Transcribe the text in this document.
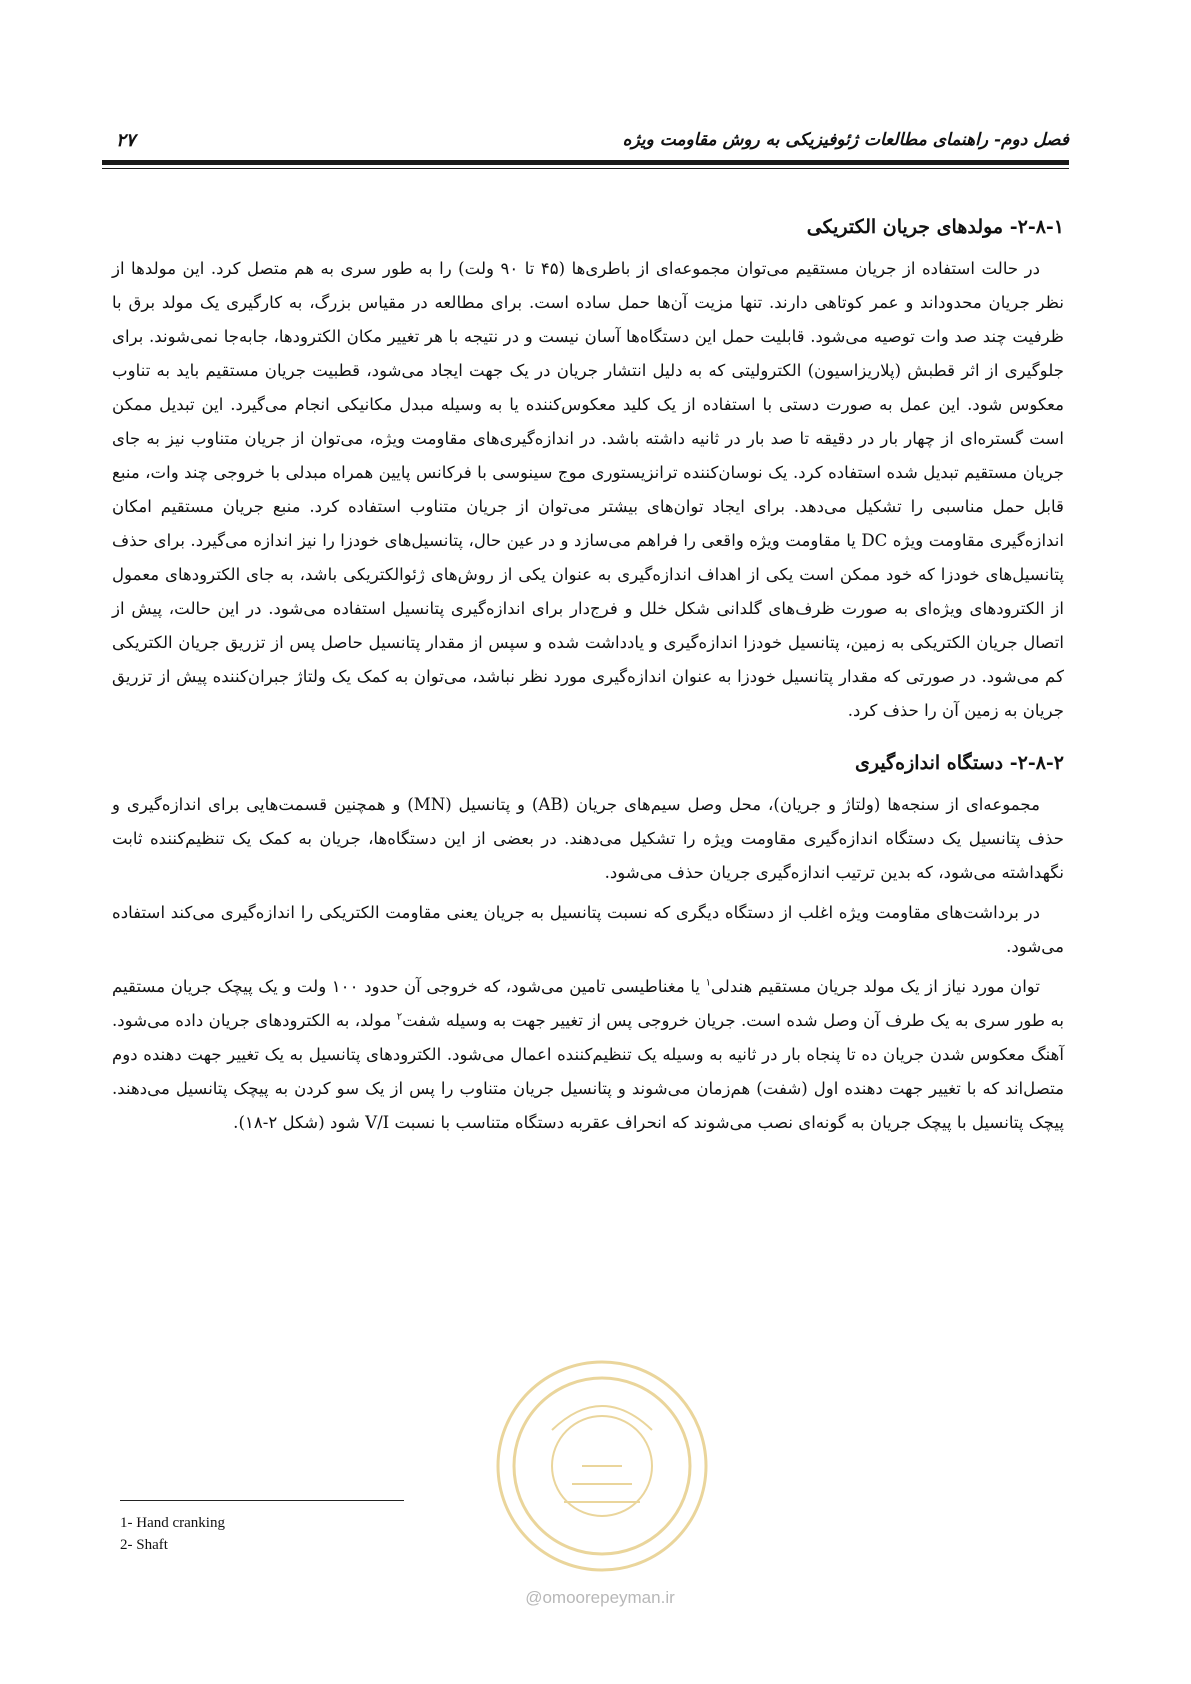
فصل دوم- راهنمای مطالعات ژئوفیزیکی به روش مقاومت ویژه
۲۷
۲-۸-۱- مولدهای جریان الکتریکی

در حالت استفاده از جریان مستقیم می‌توان مجموعه‌ای از باطری‌ها (۴۵ تا ۹۰ ولت) را به طور سری به هم متصل کرد. این مولدها از نظر جریان محدوداند و عمر کوتاهی دارند. تنها مزیت آن‌ها حمل ساده است. برای مطالعه در مقیاس بزرگ، به کارگیری یک مولد برق با ظرفیت چند صد وات توصیه می‌شود. قابلیت حمل این دستگاه‌ها آسان نیست و در نتیجه با هر تغییر مکان الکترودها، جابه‌جا نمی‌شوند. برای جلوگیری از اثر قطبش (پلاریزاسیون) الکترولیتی که به دلیل انتشار جریان در یک جهت ایجاد می‌شود، قطبیت جریان مستقیم باید به تناوب معکوس شود. این عمل به صورت دستی با استفاده از یک کلید معکوس‌کننده یا به وسیله مبدل مکانیکی انجام می‌گیرد. این تبدیل ممکن است گستره‌ای از چهار بار در دقیقه تا صد بار در ثانیه داشته باشد. در اندازه‌گیری‌های مقاومت ویژه، می‌توان از جریان متناوب نیز به جای جریان مستقیم تبدیل شده استفاده کرد. یک نوسان‌کننده ترانزیستوری موج سینوسی با فرکانس پایین همراه مبدلی با خروجی چند وات، منبع قابل حمل مناسبی را تشکیل می‌دهد. برای ایجاد توان‌های بیشتر می‌توان از جریان متناوب استفاده کرد. منبع جریان مستقیم امکان اندازه‌گیری مقاومت ویژه DC یا مقاومت ویژه واقعی را فراهم می‌سازد و در عین حال، پتانسیل‌های خودزا را نیز اندازه می‌گیرد. برای حذف پتانسیل‌های خودزا که خود ممکن است یکی از اهداف اندازه‌گیری به عنوان یکی از روش‌های ژئوالکتریکی باشد، به جای الکترودهای معمول از الکترودهای ویژه‌ای به صورت ظرف‌های گلدانی شکل خلل و فرج‌دار برای اندازه‌گیری پتانسیل استفاده می‌شود. در این حالت، پیش از اتصال جریان الکتریکی به زمین، پتانسیل خودزا اندازه‌گیری و یادداشت شده و سپس از مقدار پتانسیل حاصل پس از تزریق جریان الکتریکی کم می‌شود. در صورتی که مقدار پتانسیل خودزا به عنوان اندازه‌گیری مورد نظر نباشد، می‌توان به کمک یک ولتاژ جبران‌کننده پیش از تزریق جریان به زمین آن را حذف کرد.

۲-۸-۲- دستگاه اندازه‌گیری

مجموعه‌ای از سنجه‌ها (ولتاژ و جریان)، محل وصل سیم‌های جریان (AB) و پتانسیل (MN) و همچنین قسمت‌هایی برای اندازه‌گیری و حذف پتانسیل یک دستگاه اندازه‌گیری مقاومت ویژه را تشکیل می‌دهند. در بعضی از این دستگاه‌ها، جریان به کمک یک تنظیم‌کننده ثابت نگهداشته می‌شود، که بدین ترتیب اندازه‌گیری جریان حذف می‌شود.

در برداشت‌های مقاومت ویژه اغلب از دستگاه دیگری که نسبت پتانسیل به جریان یعنی مقاومت الکتریکی را اندازه‌گیری می‌کند استفاده می‌شود.

توان مورد نیاز از یک مولد جریان مستقیم هندلی$^۱$ یا مغناطیسی تامین می‌شود، که خروجی آن حدود ۱۰۰ ولت و یک پیچک جریان مستقیم به طور سری به یک طرف آن وصل شده است. جریان خروجی پس از تغییر جهت به وسیله شفت$^۲$ مولد، به الکترودهای جریان داده می‌شود. آهنگ معکوس شدن جریان ده تا پنجاه بار در ثانیه به وسیله یک تنظیم‌کننده اعمال می‌شود. الکترودهای پتانسیل به یک تغییر جهت دهنده دوم متصل‌اند که با تغییر جهت دهنده اول (شفت) هم‌زمان می‌شوند و پتانسیل جریان متناوب را پس از یک سو کردن به پیچک پتانسیل می‌دهند. پیچک پتانسیل با پیچک جریان به گونه‌ای نصب می‌شوند که انحراف عقربه دستگاه متناسب با نسبت V/I شود (شکل ۲-۱۸).

1- Hand cranking
2- Shaft
@omoorepeyman.ir
